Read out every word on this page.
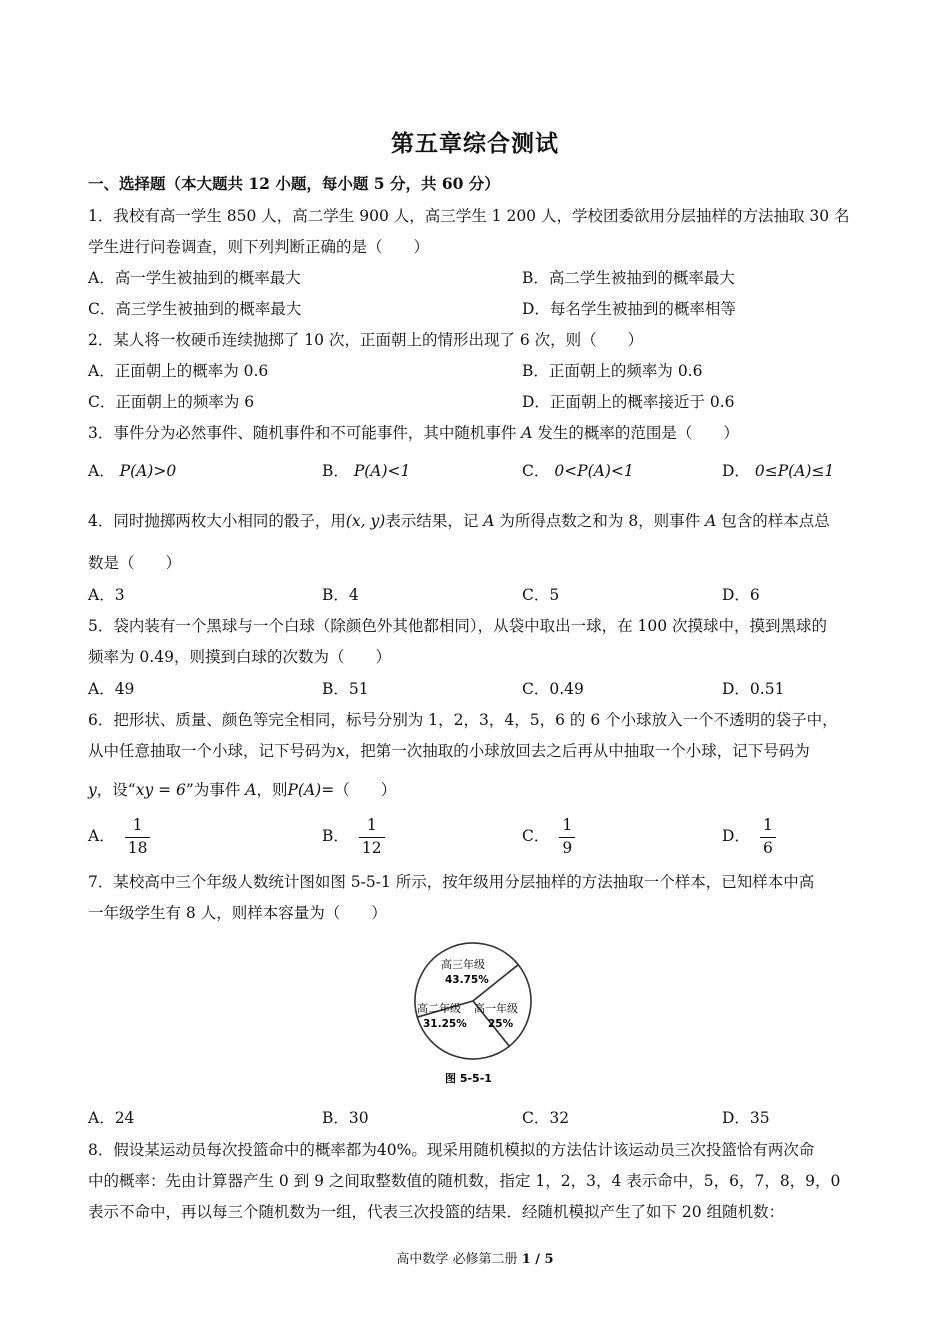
第五章综合测试
一、选择题（本大题共 12 小题，每小题 5 分，共 60 分）
1．我校有高一学生 850 人，高二学生 900 人，高三学生 1 200 人，学校团委欲用分层抽样的方法抽取 30 名
学生进行问卷调查，则下列判断正确的是（　　）
A．高一学生被抽到的概率最大	B．高二学生被抽到的概率最大
C．高三学生被抽到的概率最大	D．每名学生被抽到的概率相等
2．某人将一枚硬币连续抛掷了 10 次，正面朝上的情形出现了 6 次，则（　　）
A．正面朝上的概率为 0.6	B．正面朝上的频率为 0.6
C．正面朝上的频率为 6	D．正面朝上的概率接近于 0.6
3．事件分为必然事件、随机事件和不可能事件，其中随机事件 A 发生的概率的范围是（　　）
A． P(A)>0	B． P(A)<1	C． 0<P(A)<1	D． 0≤P(A)≤1
4．同时抛掷两枚大小相同的骰子，用(x, y)表示结果，记 A 为所得点数之和为 8，则事件 A 包含的样本点总
数是（　　）
A．3	B．4	C．5	D．6
5．袋内装有一个黑球与一个白球（除颜色外其他都相同），从袋中取出一球，在 100 次摸球中，摸到黑球的
频率为 0.49，则摸到白球的次数为（　　）
A．49	B．51	C．0.49	D．0.51
6．把形状、质量、颜色等完全相同，标号分别为 1，2，3，4，5，6 的 6 个小球放入一个不透明的袋子中，
从中任意抽取一个小球，记下号码为x，把第一次抽取的小球放回去之后再从中抽取一个小球，记下号码为
y，设“xy = 6”为事件 A，则P(A)=（　　）
A． $\frac{1}{18}$	B． $\frac{1}{12}$	C． $\frac{1}{9}$	D． $\frac{1}{6}$
7．某校高中三个年级人数统计图如图 5-5-1 所示，按年级用分层抽样的方法抽取一个样本，已知样本中高
一年级学生有 8 人，则样本容量为（　　）
高三年级
43.75%
高一年级
25%
高二年级
31.25%
图 5-5-1
A．24	B．30	C．32	D．35
8．假设某运动员每次投篮命中的概率都为40%。现采用随机模拟的方法估计该运动员三次投篮恰有两次命
中的概率：先由计算器产生 0 到 9 之间取整数值的随机数，指定 1，2，3，4 表示命中，5，6，7，8，9，0
表示不命中，再以每三个随机数为一组，代表三次投篮的结果．经随机模拟产生了如下 20 组随机数：
高中数学 必修第二册 1 / 5
